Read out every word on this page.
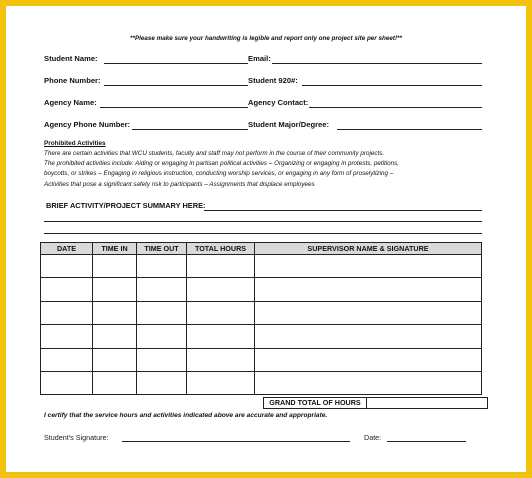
**Please make sure your handwriting is legible and report only one project site per sheet!**
Student Name:	Email:
Phone Number:	Student 920#:
Agency Name:	Agency Contact:
Agency Phone Number:	Student Major/Degree:
Prohibited Activities
There are certain activities that WCU students, faculty and staff may not perform in the course of their community projects.
The prohibited activities include: Aiding or engaging in partisan political activities – Organizing or engaging in protests, petitions,
boycotts, or strikes – Engaging in religious instruction, conducting worship services, or engaging in any form of proselytizing –
Activities that pose a significant safety risk to participants – Assignments that displace employees
BRIEF ACTIVITY/PROJECT SUMMARY HERE:
DATE	TIME IN	TIME OUT	TOTAL HOURS	SUPERVISOR NAME & SIGNATURE

GRAND TOTAL OF HOURS
I certify that the service hours and activities indicated above are accurate and appropriate.
Student's Signature:	Date:
